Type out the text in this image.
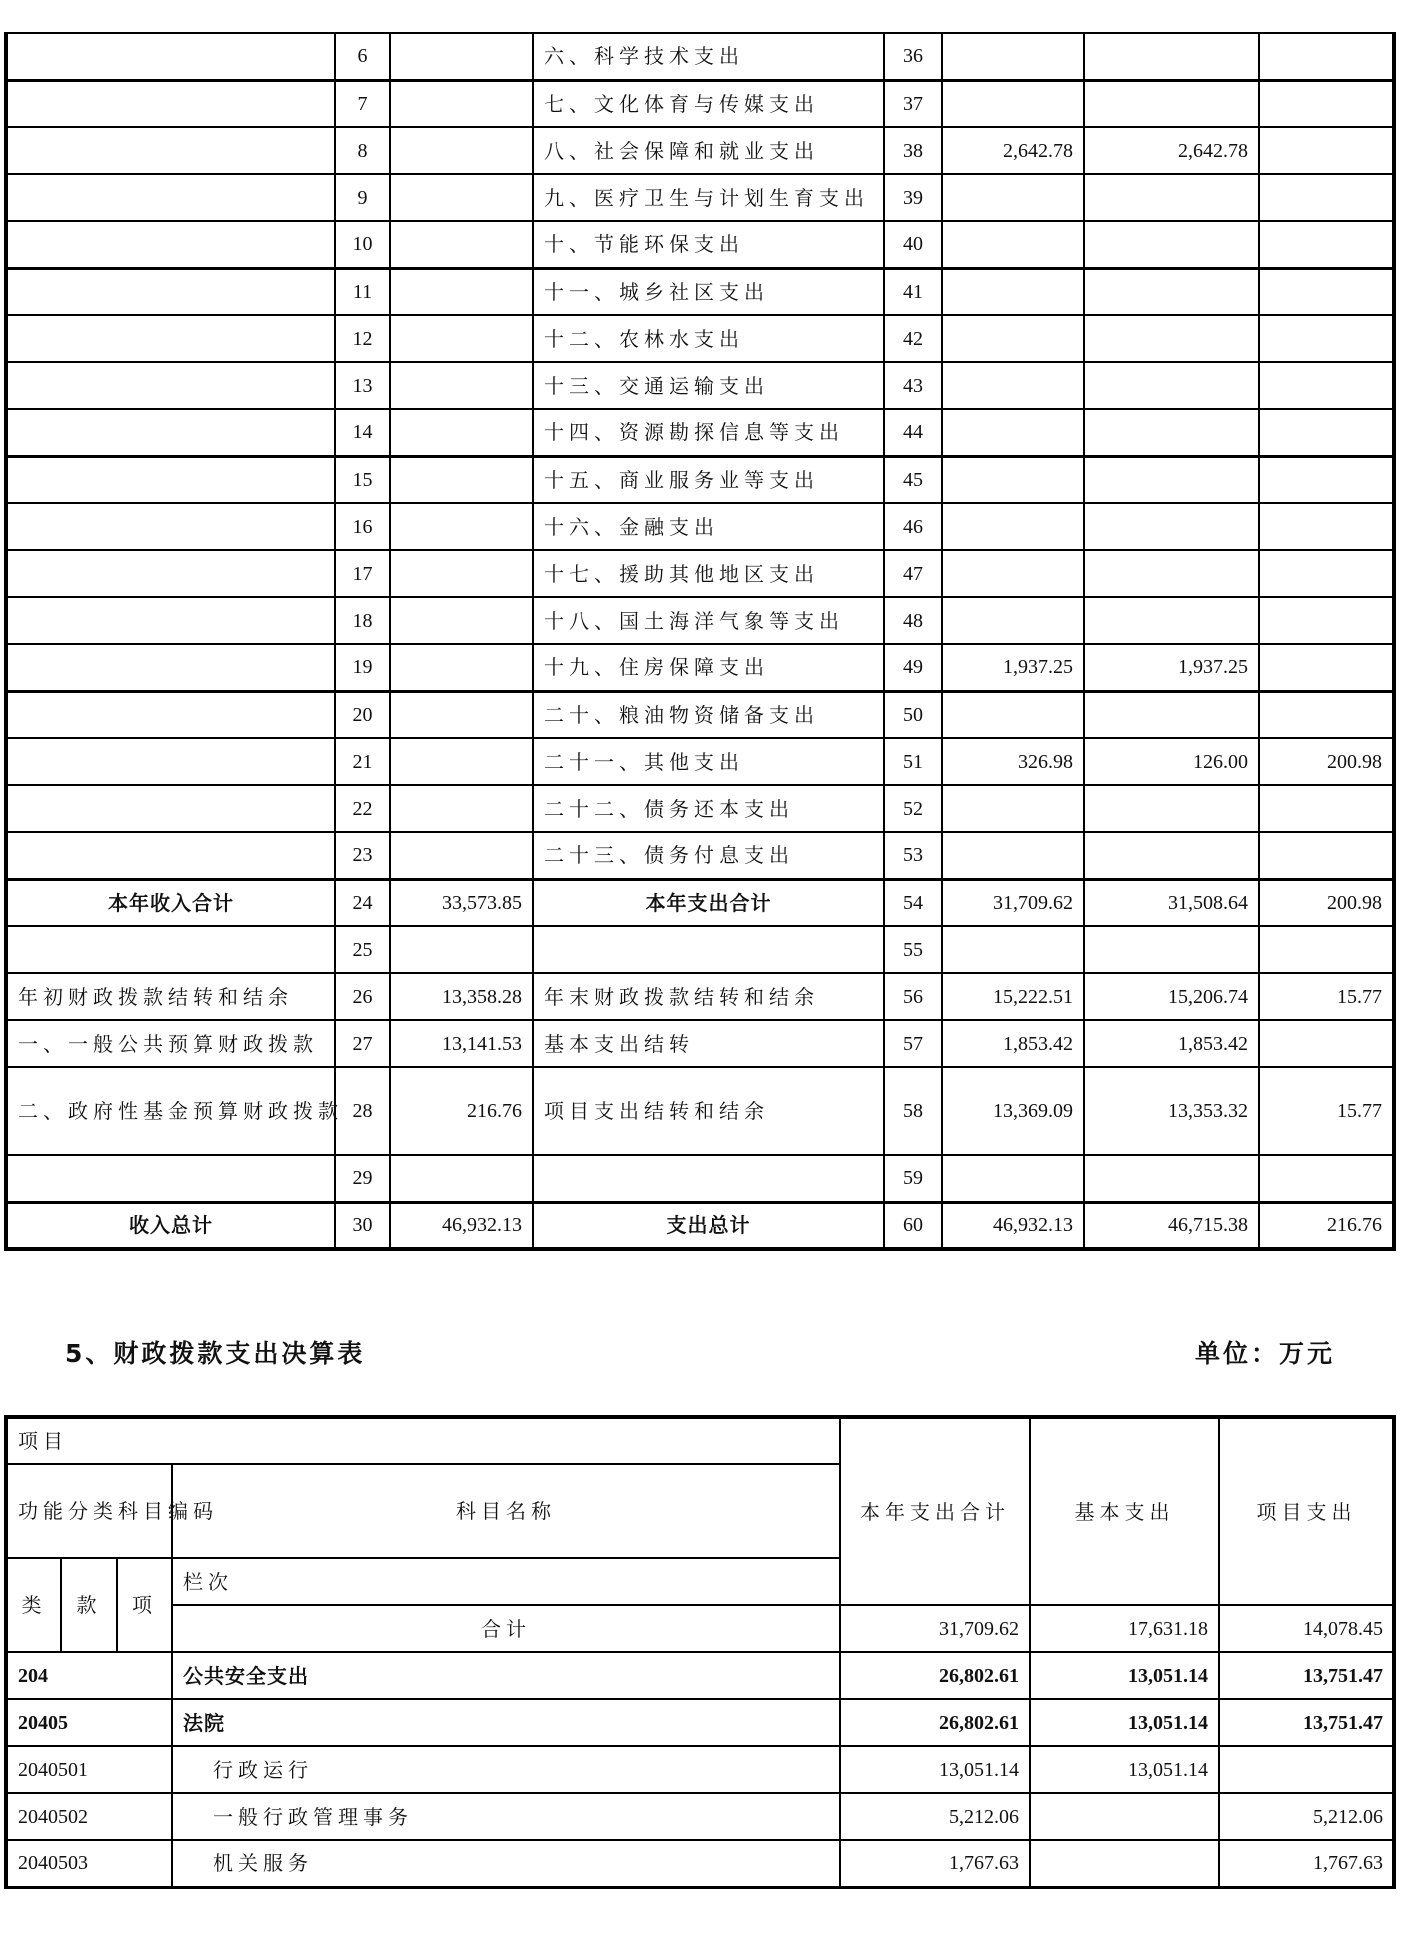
	6		六、科学技术支出	36			
	7		七、文化体育与传媒支出	37			
	8		八、社会保障和就业支出	38	2,642.78	2,642.78	
	9		九、医疗卫生与计划生育支出	39			
	10		十、节能环保支出	40			
	11		十一、城乡社区支出	41			
	12		十二、农林水支出	42			
	13		十三、交通运输支出	43			
	14		十四、资源勘探信息等支出	44			
	15		十五、商业服务业等支出	45			
	16		十六、金融支出	46			
	17		十七、援助其他地区支出	47			
	18		十八、国土海洋气象等支出	48			
	19		十九、住房保障支出	49	1,937.25	1,937.25	
	20		二十、粮油物资储备支出	50			
	21		二十一、其他支出	51	326.98	126.00	200.98
	22		二十二、债务还本支出	52			
	23		二十三、债务付息支出	53			
本年收入合计	24	33,573.85	本年支出合计	54	31,709.62	31,508.64	200.98
	25			55			
年初财政拨款结转和结余	26	13,358.28	年末财政拨款结转和结余	56	15,222.51	15,206.74	15.77
一、一般公共预算财政拨款	27	13,141.53	基本支出结转	57	1,853.42	1,853.42	
二、政府性基金预算财政拨款	28	216.76	项目支出结转和结余	58	13,369.09	13,353.32	15.77
	29			59			
收入总计	30	46,932.13	支出总计	60	46,932.13	46,715.38	216.76
5、财政拨款支出决算表	单位：万元
项目				本年支出合计	基本支出	项目支出	
功能分类科目编码			科目名称				
类	款	项	栏次			
			合计	31,709.62	17,631.18	14,078.45	
204			公共安全支出	26,802.61	13,051.14	13,751.47	
20405			法院	26,802.61	13,051.14	13,751.47	
2040501			行政运行	13,051.14	13,051.14		
2040502			一般行政管理事务	5,212.06		5,212.06	
2040503			机关服务	1,767.63		1,767.63	
